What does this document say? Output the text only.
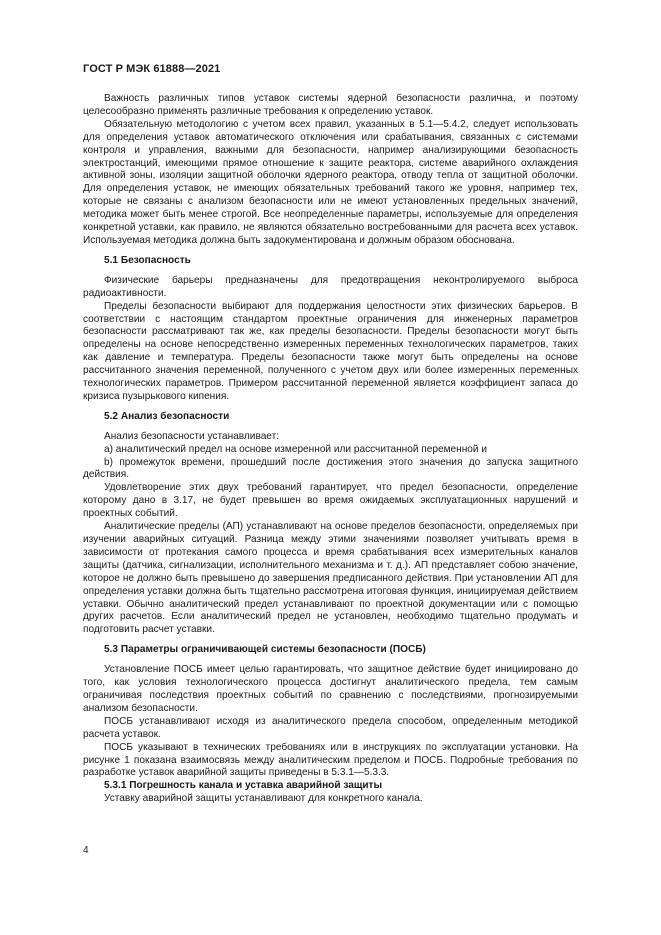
ГОСТ Р МЭК 61888—2021

Важность различных типов уставок системы ядерной безопасности различна, и поэтому целесообразно применять различные требования к определению уставок.

Обязательную методологию с учетом всех правил, указанных в 5.1—5.4.2, следует использовать для определения уставок автоматического отключения или срабатывания, связанных с системами контроля и управления, важными для безопасности, например анализирующими безопасность электростанций, имеющими прямое отношение к защите реактора, системе аварийного охлаждения активной зоны, изоляции защитной оболочки ядерного реактора, отводу тепла от защитной оболочки. Для определения уставок, не имеющих обязательных требований такого же уровня, например тех, которые не связаны с анализом безопасности или не имеют установленных предельных значений, методика может быть менее строгой. Все неопределенные параметры, используемые для определения конкретной уставки, как правило, не являются обязательно востребованными для расчета всех уставок. Используемая методика должна быть задокументирована и должным образом обоснована.

5.1 Безопасность

Физические барьеры предназначены для предотвращения неконтролируемого выброса радиоактивности.

Пределы безопасности выбирают для поддержания целостности этих физических барьеров. В соответствии с настоящим стандартом проектные ограничения для инженерных параметров безопасности рассматривают так же, как пределы безопасности. Пределы безопасности могут быть определены на основе непосредственно измеренных переменных технологических параметров, таких как давление и температура. Пределы безопасности также могут быть определены на основе рассчитанного значения переменной, полученного с учетом двух или более измеренных переменных технологических параметров. Примером рассчитанной переменной является коэффициент запаса до кризиса пузырькового кипения.

5.2 Анализ безопасности

Анализ безопасности устанавливает:

а) аналитический предел на основе измеренной или рассчитанной переменной и

b) промежуток времени, прошедший после достижения этого значения до запуска защитного действия.

Удовлетворение этих двух требований гарантирует, что предел безопасности, определение которому дано в 3.17, не будет превышен во время ожидаемых эксплуатационных нарушений и проектных событий.

Аналитические пределы (АП) устанавливают на основе пределов безопасности, определяемых при изучении аварийных ситуаций. Разница между этими значениями позволяет учитывать время в зависимости от протекания самого процесса и время срабатывания всех измерительных каналов защиты (датчика, сигнализации, исполнительного механизма и т. д.). АП представляет собою значение, которое не должно быть превышено до завершения предписанного действия. При установлении АП для определения уставки должна быть тщательно рассмотрена итоговая функция, инициируемая действием уставки. Обычно аналитический предел устанавливают по проектной документации или с помощью других расчетов. Если аналитический предел не установлен, необходимо тщательно продумать и подготовить расчет уставки.

5.3 Параметры ограничивающей системы безопасности (ПОСБ)

Установление ПОСБ имеет целью гарантировать, что защитное действие будет инициировано до того, как условия технологического процесса достигнут аналитического предела, тем самым ограничивая последствия проектных событий по сравнению с последствиями, прогнозируемыми анализом безопасности.

ПОСБ устанавливают исходя из аналитического предела способом, определенным методикой расчета уставок.

ПОСБ указывают в технических требованиях или в инструкциях по эксплуатации установки. На рисунке 1 показана взаимосвязь между аналитическим пределом и ПОСБ. Подробные требования по разработке уставок аварийной защиты приведены в 5.3.1—5.3.3.

5.3.1 Погрешность канала и уставка аварийной защиты

Уставку аварийной защиты устанавливают для конкретного канала.

4
